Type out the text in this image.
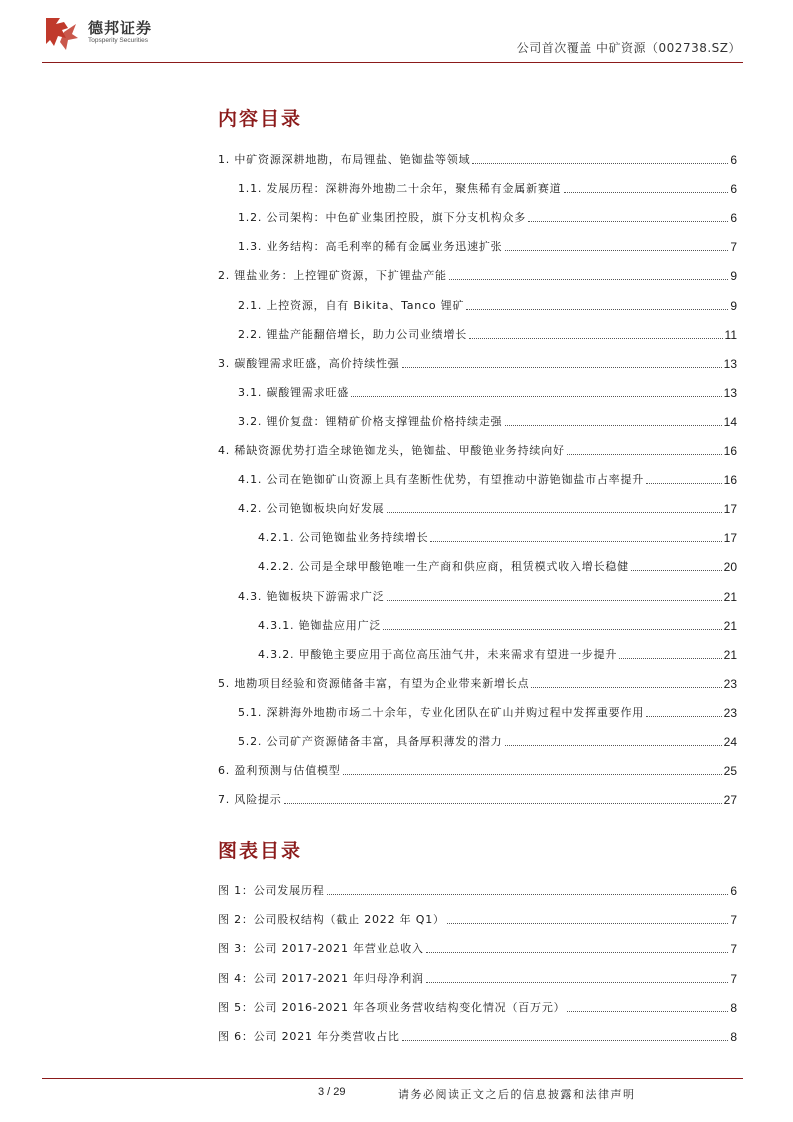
德邦证券
Topsperity Securities
公司首次覆盖 中矿资源（002738.SZ）
内容目录
1. 中矿资源深耕地勘，布局锂盐、铯铷盐等领域	6
1.1. 发展历程：深耕海外地勘二十余年，聚焦稀有金属新赛道	6
1.2. 公司架构：中色矿业集团控股，旗下分支机构众多	6
1.3. 业务结构：高毛利率的稀有金属业务迅速扩张	7
2. 锂盐业务：上控锂矿资源，下扩锂盐产能	9
2.1. 上控资源，自有 Bikita、Tanco 锂矿	9
2.2. 锂盐产能翻倍增长，助力公司业绩增长	11
3. 碳酸锂需求旺盛，高价持续性强	13
3.1. 碳酸锂需求旺盛	13
3.2. 锂价复盘：锂精矿价格支撑锂盐价格持续走强	14
4. 稀缺资源优势打造全球铯铷龙头，铯铷盐、甲酸铯业务持续向好	16
4.1. 公司在铯铷矿山资源上具有垄断性优势，有望推动中游铯铷盐市占率提升	16
4.2. 公司铯铷板块向好发展	17
4.2.1. 公司铯铷盐业务持续增长	17
4.2.2. 公司是全球甲酸铯唯一生产商和供应商，租赁模式收入增长稳健	20
4.3. 铯铷板块下游需求广泛	21
4.3.1. 铯铷盐应用广泛	21
4.3.2. 甲酸铯主要应用于高位高压油气井，未来需求有望进一步提升	21
5. 地勘项目经验和资源储备丰富，有望为企业带来新增长点	23
5.1. 深耕海外地勘市场二十余年，专业化团队在矿山并购过程中发挥重要作用	23
5.2. 公司矿产资源储备丰富，具备厚积薄发的潜力	24
6. 盈利预测与估值模型	25
7. 风险提示	27
图表目录
图 1：公司发展历程	6
图 2：公司股权结构（截止 2022 年 Q1）	7
图 3：公司 2017-2021 年营业总收入	7
图 4：公司 2017-2021 年归母净利润	7
图 5：公司 2016-2021 年各项业务营收结构变化情况（百万元）	8
图 6：公司 2021 年分类营收占比	8
3 / 29	请务必阅读正文之后的信息披露和法律声明
